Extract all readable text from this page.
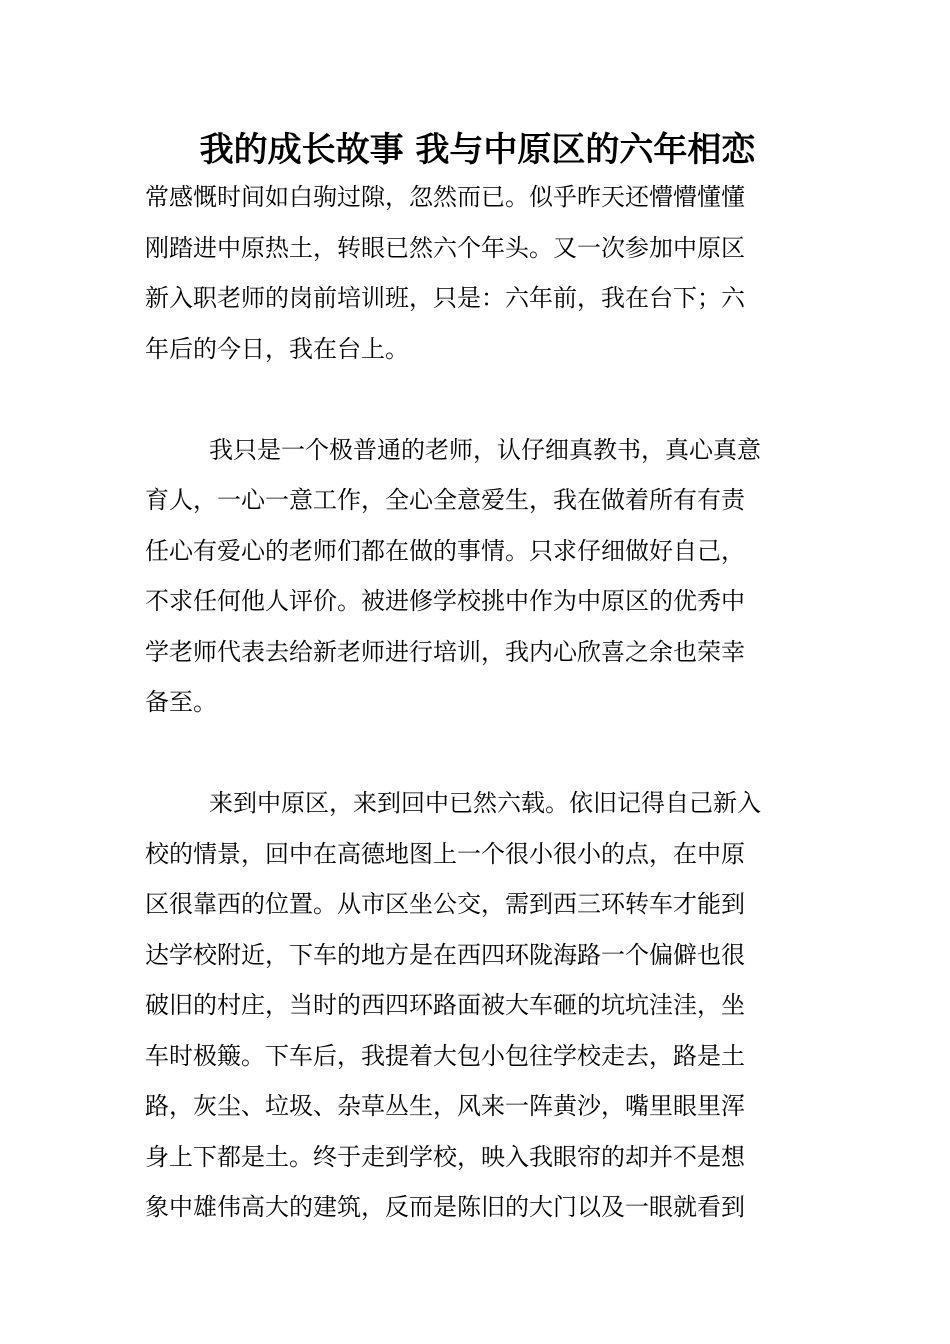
我的成长故事 我与中原区的六年相恋
常感慨时间如白驹过隙，忽然而已。似乎昨天还懵懵懂懂
刚踏进中原热土，转眼已然六个年头。又一次参加中原区
新入职老师的岗前培训班，只是：六年前，我在台下；六
年后的今日，我在台上。
我只是一个极普通的老师，认仔细真教书，真心真意
育人，一心一意工作，全心全意爱生，我在做着所有有责
任心有爱心的老师们都在做的事情。只求仔细做好自己，
不求任何他人评价。被进修学校挑中作为中原区的优秀中
学老师代表去给新老师进行培训，我内心欣喜之余也荣幸
备至。
来到中原区，来到回中已然六载。依旧记得自己新入
校的情景，回中在高德地图上一个很小很小的点，在中原
区很靠西的位置。从市区坐公交，需到西三环转车才能到
达学校附近，下车的地方是在西四环陇海路一个偏僻也很
破旧的村庄，当时的西四环路面被大车砸的坑坑洼洼，坐
车时极簸。下车后，我提着大包小包往学校走去，路是土
路，灰尘、垃圾、杂草丛生，风来一阵黄沙，嘴里眼里浑
身上下都是土。终于走到学校，映入我眼帘的却并不是想
象中雄伟高大的建筑，反而是陈旧的大门以及一眼就看到
